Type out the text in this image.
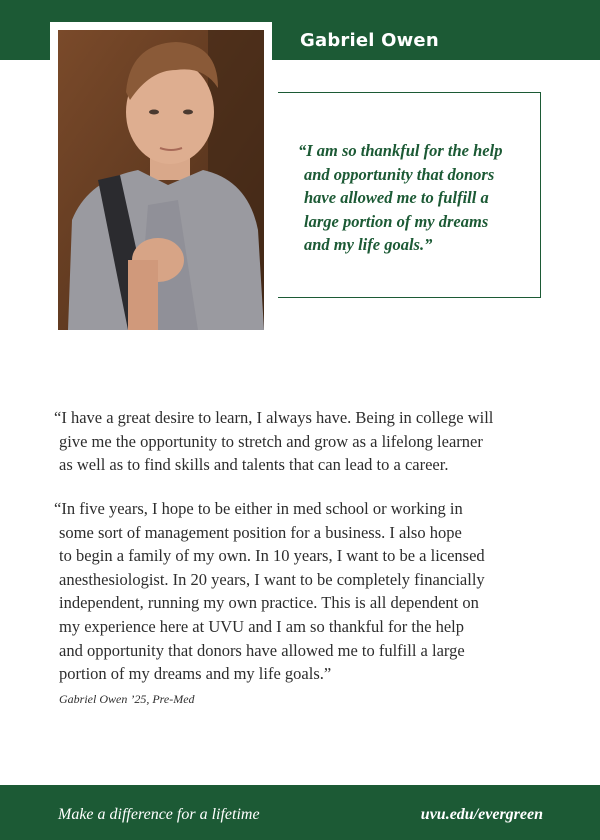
Gabriel Owen

“I am so thankful for the help
and opportunity that donors
have allowed me to fulfill a
large portion of my dreams
and my life goals.”

“I have a great desire to learn, I always have. Being in college will
give me the opportunity to stretch and grow as a lifelong learner
as well as to find skills and talents that can lead to a career.

“In five years, I hope to be either in med school or working in
some sort of management position for a business. I also hope
to begin a family of my own. In 10 years, I want to be a licensed
anesthesiologist. In 20 years, I want to be completely financially
independent, running my own practice. This is all dependent on
my experience here at UVU and I am so thankful for the help
and opportunity that donors have allowed me to fulfill a large
portion of my dreams and my life goals.”

Gabriel Owen ’25, Pre-Med

Make a difference for a lifetime	uvu.edu/evergreen
